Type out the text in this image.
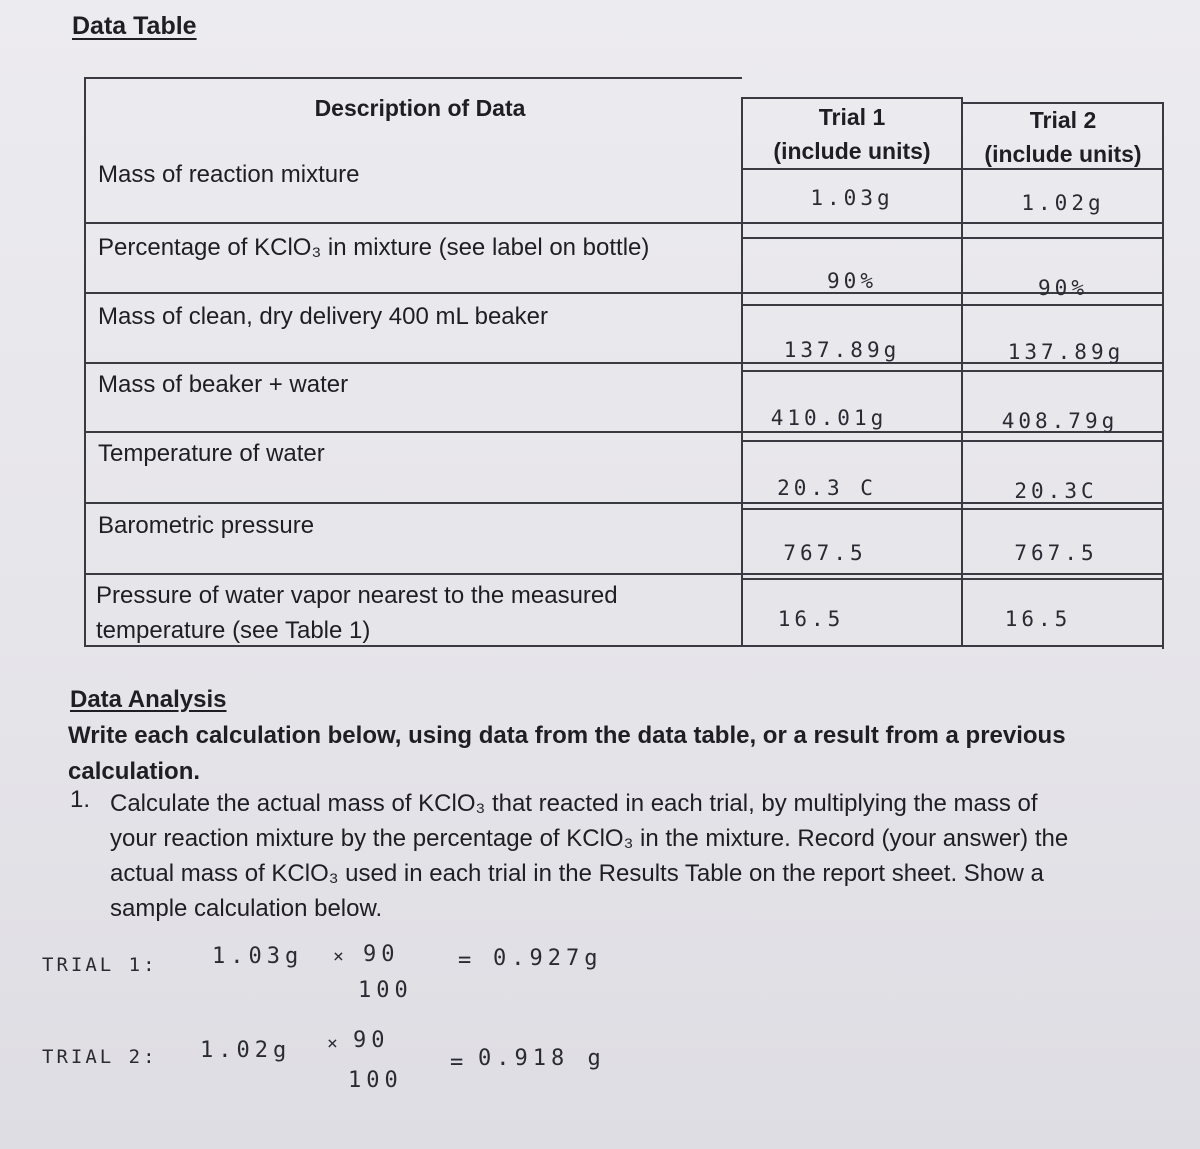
Data Table
Description of Data	Trial 1
(include units)
Trial 2
(include units)
Mass of reaction mixture
Percentage of KClO₃ in mixture (see label on bottle)
Mass of clean, dry delivery 400 mL beaker
Mass of beaker + water
Temperature of water
Barometric pressure
Pressure of water vapor nearest to the measured
temperature (see Table 1)
1.03g
90%
137.89g
410.01g
20.3 C
767.5
16.5
1.02g
90%
137.89g
408.79g
20.3C
767.5
16.5
Data Analysis
Write each calculation below, using data from the data table, or a result from a previous
calculation.
1. Calculate the actual mass of KClO₃ that reacted in each trial, by multiplying the mass of
your reaction mixture by the percentage of KClO₃ in the mixture. Record (your answer) the
actual mass of KClO₃ used in each trial in the Results Table on the report sheet. Show a
sample calculation below.
TRIAL 1: 1.03g × 90
100
= 0.927g
TRIAL 2: 1.02g × 90
100
= 0.918 g
